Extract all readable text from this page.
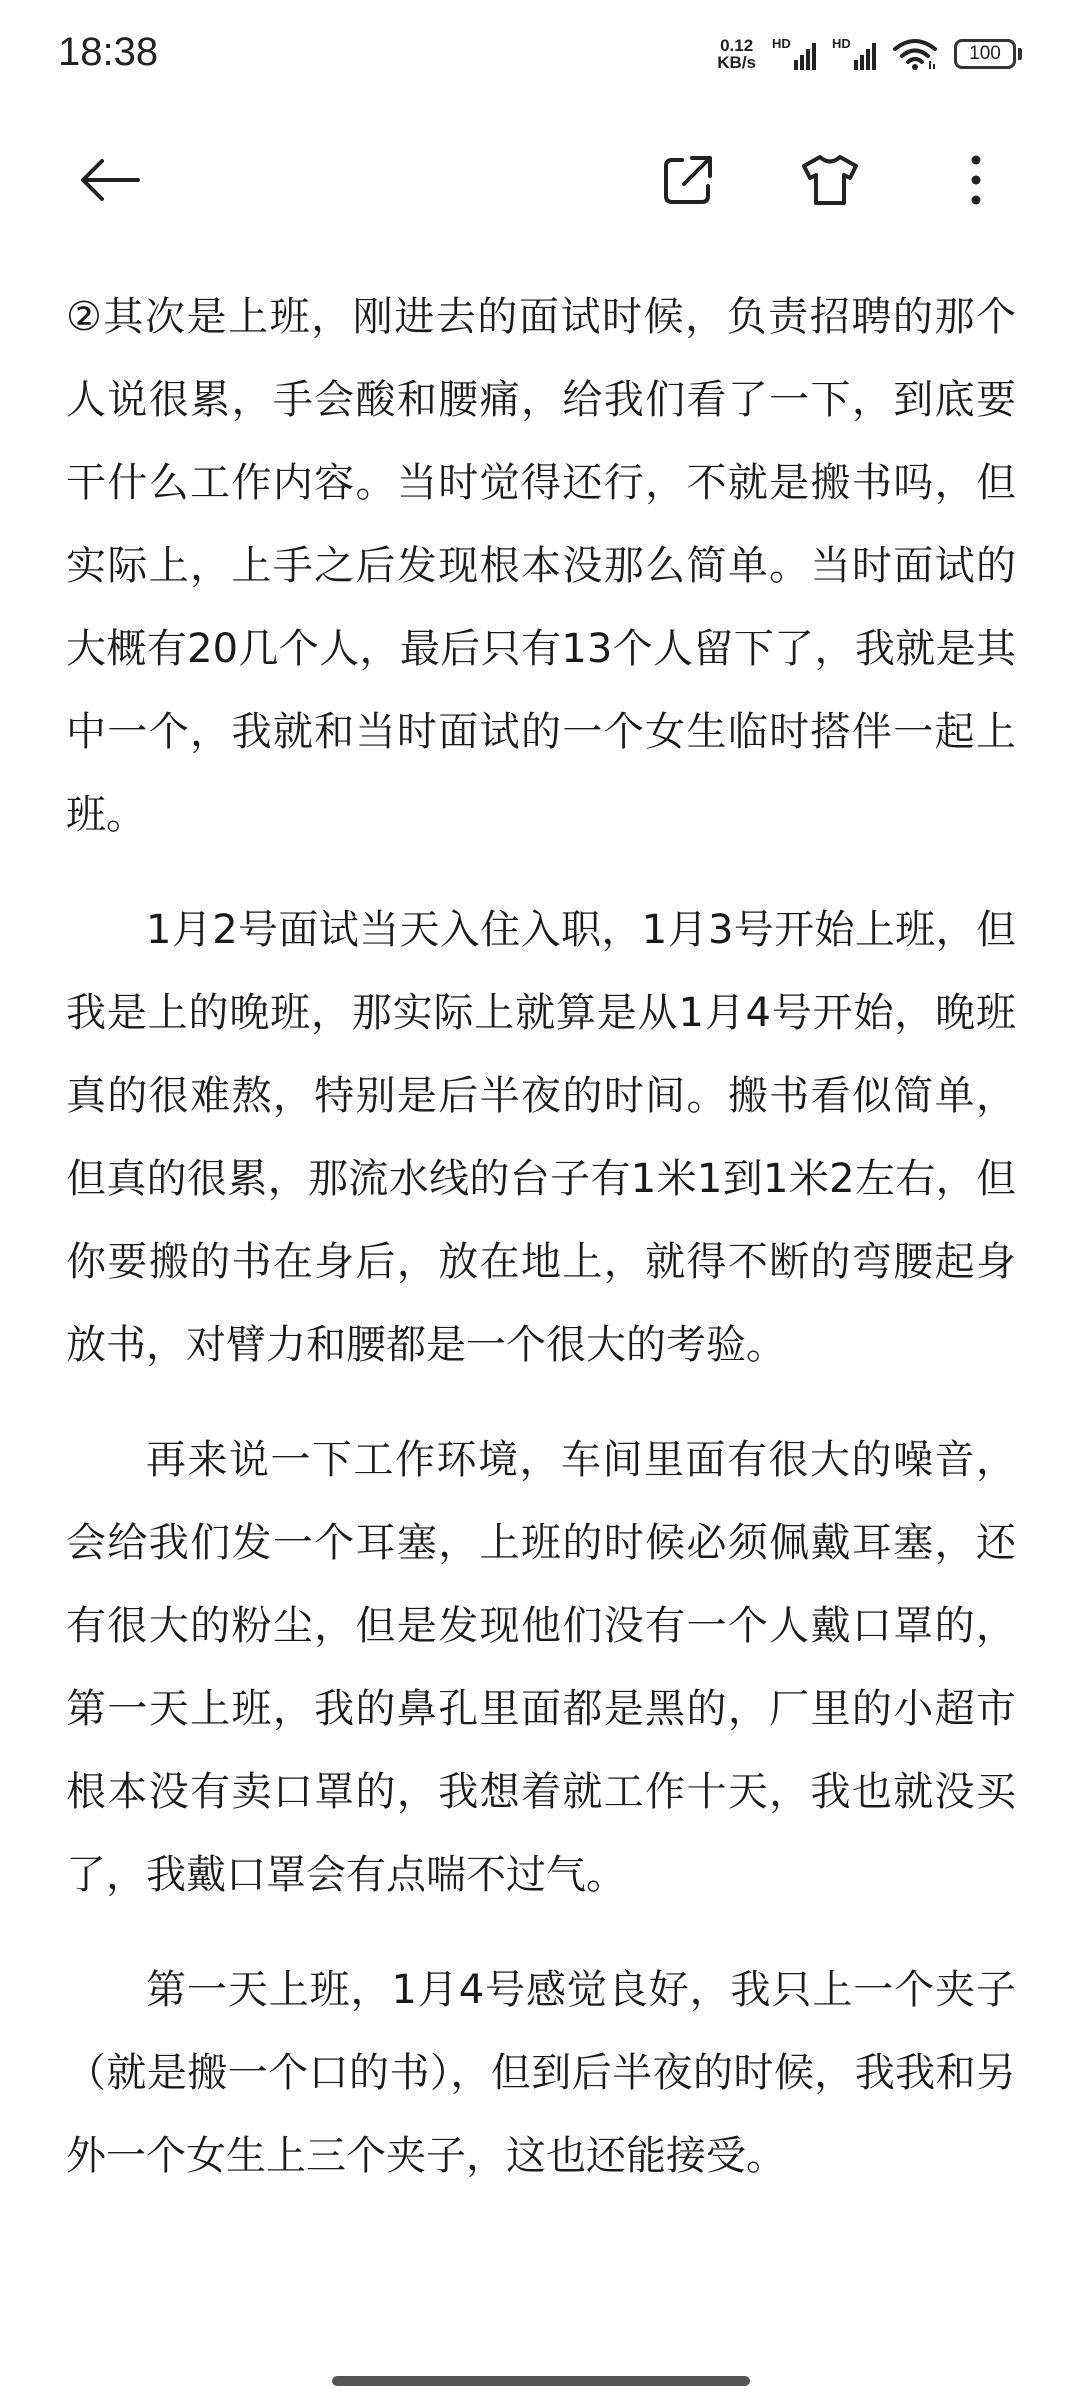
18:38	0.12
KB/s
HD	HD	100

②其次是上班，刚进去的面试时候，负责招聘的那个人说很累，手会酸和腰痛，给我们看了一下，到底要干什么工作内容。当时觉得还行，不就是搬书吗，但实际上，上手之后发现根本没那么简单。当时面试的大概有20几个人，最后只有13个人留下了，我就是其中一个，我就和当时面试的一个女生临时搭伴一起上班。

1月2号面试当天入住入职，1月3号开始上班，但我是上的晚班，那实际上就算是从1月4号开始，晚班真的很难熬，特别是后半夜的时间。搬书看似简单，但真的很累，那流水线的台子有1米1到1米2左右，但你要搬的书在身后，放在地上，就得不断的弯腰起身放书，对臂力和腰都是一个很大的考验。

再来说一下工作环境，车间里面有很大的噪音，会给我们发一个耳塞，上班的时候必须佩戴耳塞，还有很大的粉尘，但是发现他们没有一个人戴口罩的，第一天上班，我的鼻孔里面都是黑的，厂里的小超市根本没有卖口罩的，我想着就工作十天，我也就没买了，我戴口罩会有点喘不过气。

第一天上班，1月4号感觉良好，我只上一个夹子（就是搬一个口的书），但到后半夜的时候，我我和另外一个女生上三个夹子，这也还能接受。
